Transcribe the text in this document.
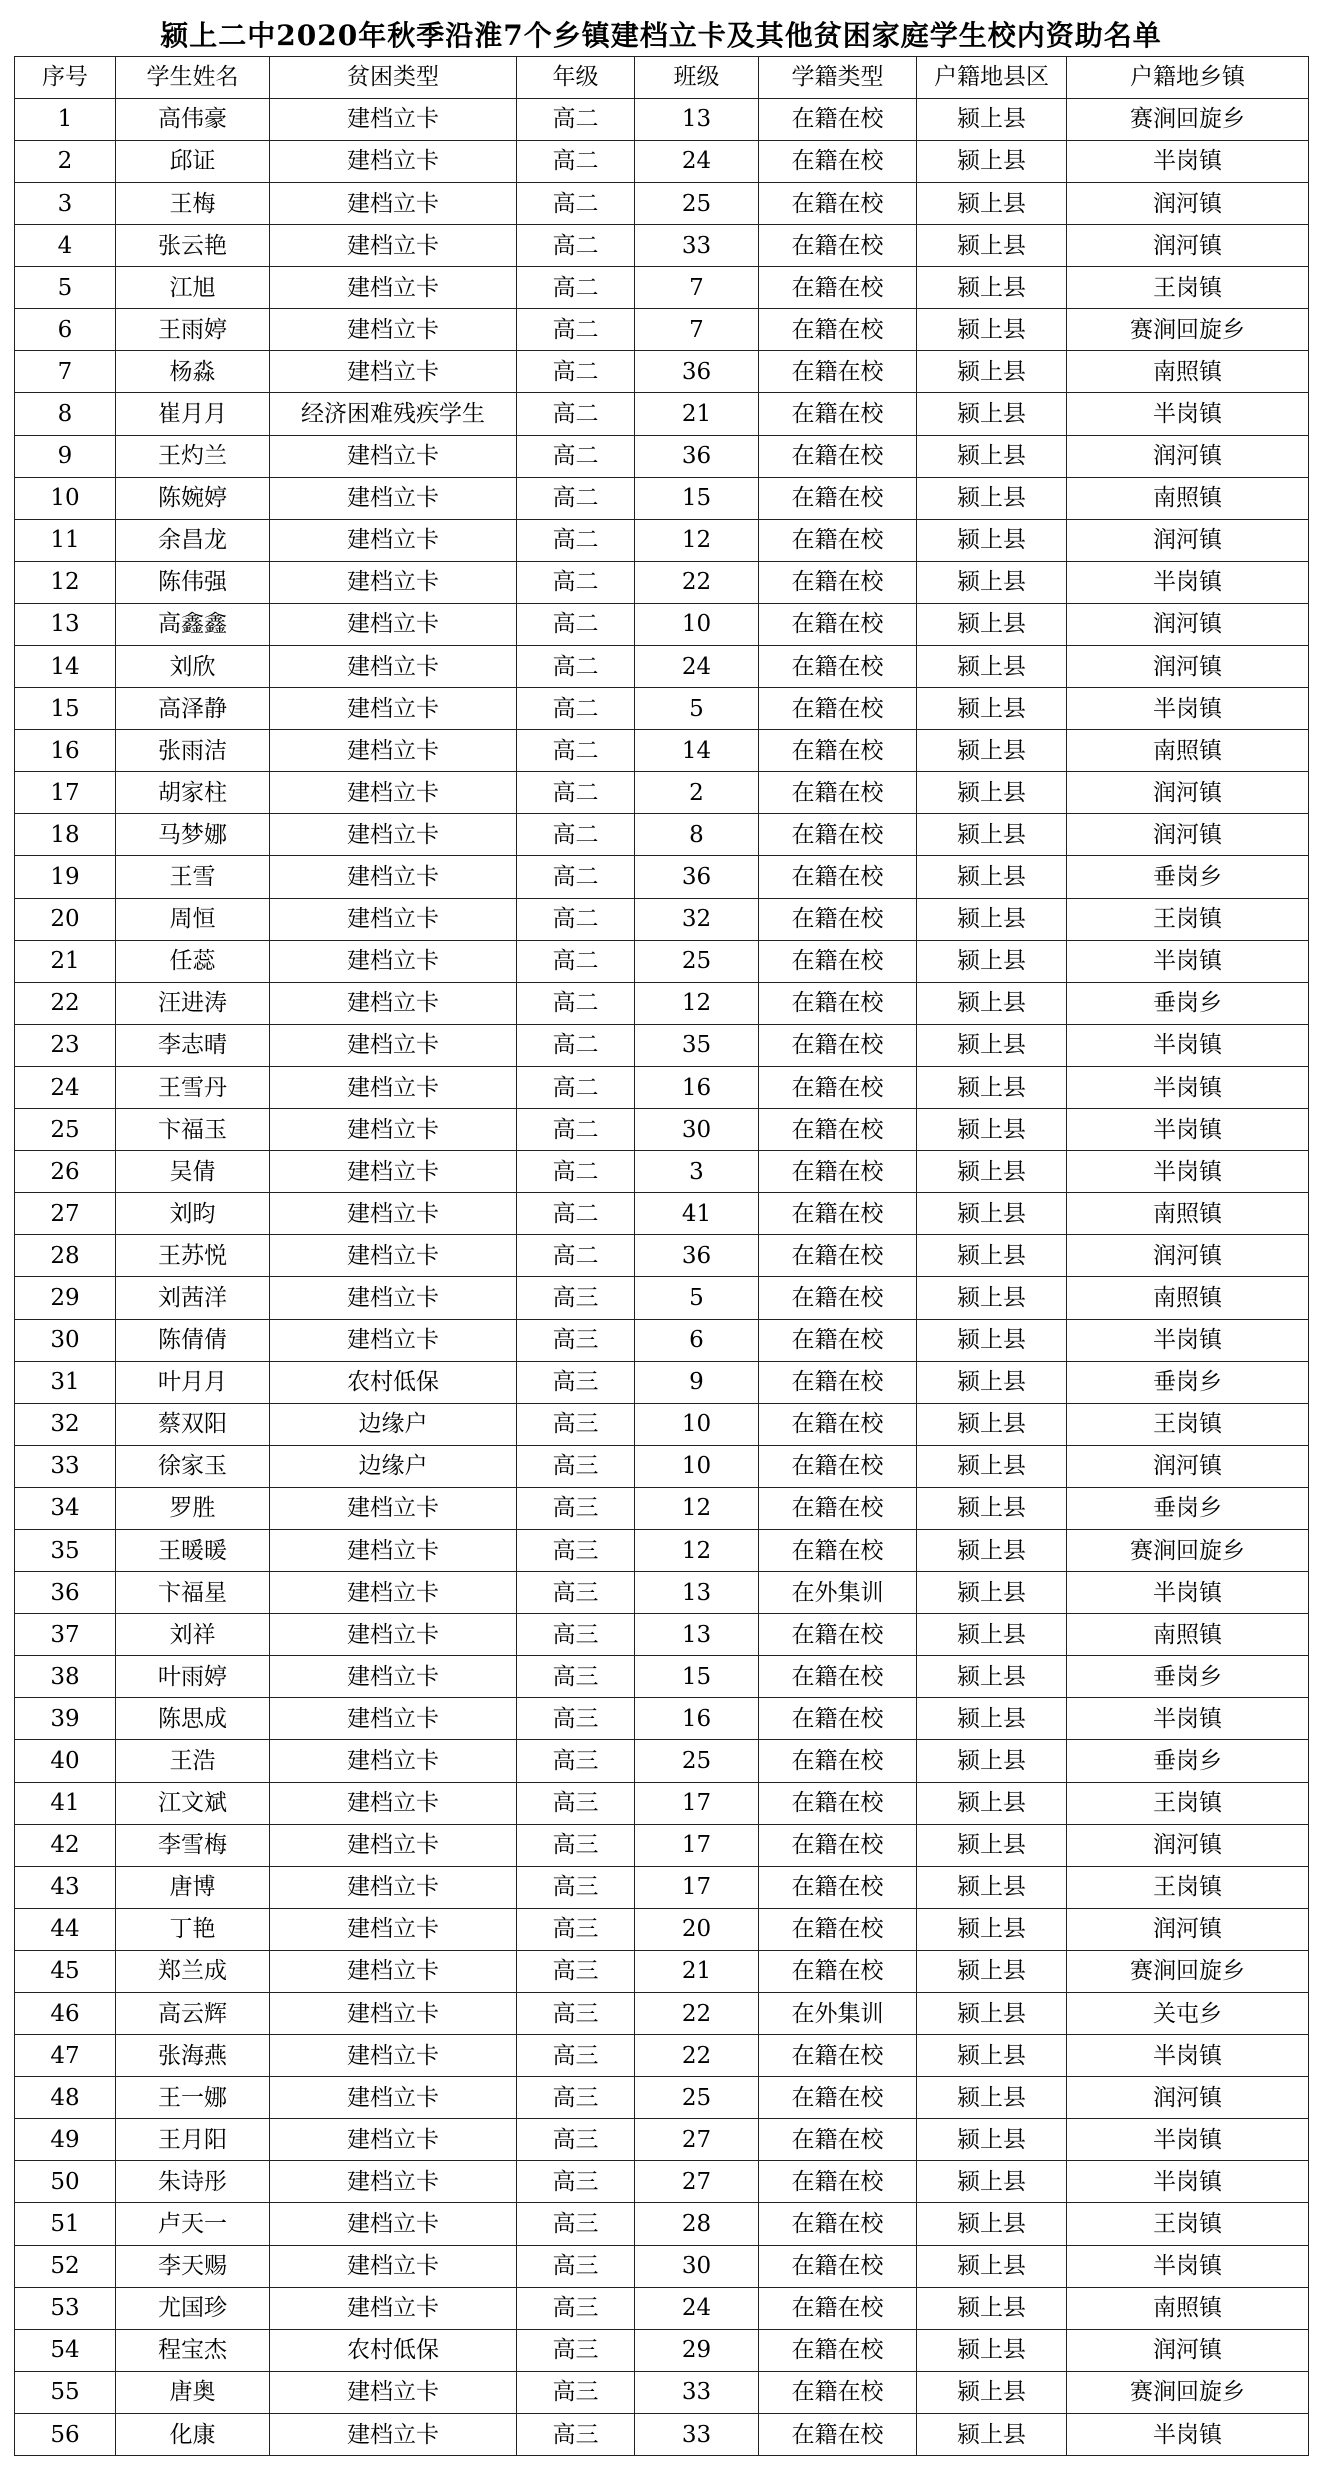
颍上二中2020年秋季沿淮7个乡镇建档立卡及其他贫困家庭学生校内资助名单
序号	学生姓名	贫困类型	年级	班级	学籍类型	户籍地县区	户籍地乡镇
1	高伟豪	建档立卡	高二	13	在籍在校	颍上县	赛涧回旋乡
2	邱证	建档立卡	高二	24	在籍在校	颍上县	半岗镇
3	王梅	建档立卡	高二	25	在籍在校	颍上县	润河镇
4	张云艳	建档立卡	高二	33	在籍在校	颍上县	润河镇
5	江旭	建档立卡	高二	7	在籍在校	颍上县	王岗镇
6	王雨婷	建档立卡	高二	7	在籍在校	颍上县	赛涧回旋乡
7	杨淼	建档立卡	高二	36	在籍在校	颍上县	南照镇
8	崔月月	经济困难残疾学生	高二	21	在籍在校	颍上县	半岗镇
9	王灼兰	建档立卡	高二	36	在籍在校	颍上县	润河镇
10	陈婉婷	建档立卡	高二	15	在籍在校	颍上县	南照镇
11	余昌龙	建档立卡	高二	12	在籍在校	颍上县	润河镇
12	陈伟强	建档立卡	高二	22	在籍在校	颍上县	半岗镇
13	高鑫鑫	建档立卡	高二	10	在籍在校	颍上县	润河镇
14	刘欣	建档立卡	高二	24	在籍在校	颍上县	润河镇
15	高泽静	建档立卡	高二	5	在籍在校	颍上县	半岗镇
16	张雨洁	建档立卡	高二	14	在籍在校	颍上县	南照镇
17	胡家柱	建档立卡	高二	2	在籍在校	颍上县	润河镇
18	马梦娜	建档立卡	高二	8	在籍在校	颍上县	润河镇
19	王雪	建档立卡	高二	36	在籍在校	颍上县	垂岗乡
20	周恒	建档立卡	高二	32	在籍在校	颍上县	王岗镇
21	任蕊	建档立卡	高二	25	在籍在校	颍上县	半岗镇
22	汪进涛	建档立卡	高二	12	在籍在校	颍上县	垂岗乡
23	李志晴	建档立卡	高二	35	在籍在校	颍上县	半岗镇
24	王雪丹	建档立卡	高二	16	在籍在校	颍上县	半岗镇
25	卞福玉	建档立卡	高二	30	在籍在校	颍上县	半岗镇
26	吴倩	建档立卡	高二	3	在籍在校	颍上县	半岗镇
27	刘昀	建档立卡	高二	41	在籍在校	颍上县	南照镇
28	王苏悦	建档立卡	高二	36	在籍在校	颍上县	润河镇
29	刘茜洋	建档立卡	高三	5	在籍在校	颍上县	南照镇
30	陈倩倩	建档立卡	高三	6	在籍在校	颍上县	半岗镇
31	叶月月	农村低保	高三	9	在籍在校	颍上县	垂岗乡
32	蔡双阳	边缘户	高三	10	在籍在校	颍上县	王岗镇
33	徐家玉	边缘户	高三	10	在籍在校	颍上县	润河镇
34	罗胜	建档立卡	高三	12	在籍在校	颍上县	垂岗乡
35	王暖暖	建档立卡	高三	12	在籍在校	颍上县	赛涧回旋乡
36	卞福星	建档立卡	高三	13	在外集训	颍上县	半岗镇
37	刘祥	建档立卡	高三	13	在籍在校	颍上县	南照镇
38	叶雨婷	建档立卡	高三	15	在籍在校	颍上县	垂岗乡
39	陈思成	建档立卡	高三	16	在籍在校	颍上县	半岗镇
40	王浩	建档立卡	高三	25	在籍在校	颍上县	垂岗乡
41	江文斌	建档立卡	高三	17	在籍在校	颍上县	王岗镇
42	李雪梅	建档立卡	高三	17	在籍在校	颍上县	润河镇
43	唐博	建档立卡	高三	17	在籍在校	颍上县	王岗镇
44	丁艳	建档立卡	高三	20	在籍在校	颍上县	润河镇
45	郑兰成	建档立卡	高三	21	在籍在校	颍上县	赛涧回旋乡
46	高云辉	建档立卡	高三	22	在外集训	颍上县	关屯乡
47	张海燕	建档立卡	高三	22	在籍在校	颍上县	半岗镇
48	王一娜	建档立卡	高三	25	在籍在校	颍上县	润河镇
49	王月阳	建档立卡	高三	27	在籍在校	颍上县	半岗镇
50	朱诗彤	建档立卡	高三	27	在籍在校	颍上县	半岗镇
51	卢天一	建档立卡	高三	28	在籍在校	颍上县	王岗镇
52	李天赐	建档立卡	高三	30	在籍在校	颍上县	半岗镇
53	尤国珍	建档立卡	高三	24	在籍在校	颍上县	南照镇
54	程宝杰	农村低保	高三	29	在籍在校	颍上县	润河镇
55	唐奥	建档立卡	高三	33	在籍在校	颍上县	赛涧回旋乡
56	化康	建档立卡	高三	33	在籍在校	颍上县	半岗镇
